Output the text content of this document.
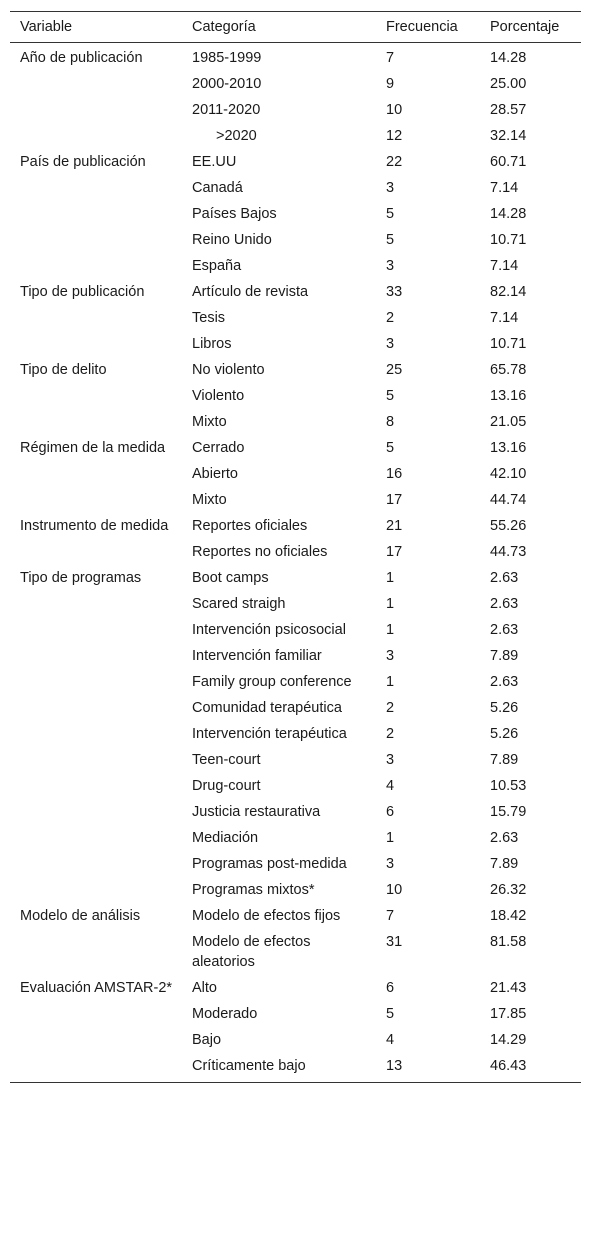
Variable	Categoría	Frecuencia	Porcentaje
Año de publicación	1985-1999	7	14.28
	2000-2010	9	25.00
	2011-2020	10	28.57
	>2020	12	32.14
País de publicación	EE.UU	22	60.71
	Canadá	3	7.14
	Países Bajos	5	14.28
	Reino Unido	5	10.71
	España	3	7.14
Tipo de publicación	Artículo de revista	33	82.14
	Tesis	2	7.14
	Libros	3	10.71
Tipo de delito	No violento	25	65.78
	Violento	5	13.16
	Mixto	8	21.05
Régimen de la medida	Cerrado	5	13.16
	Abierto	16	42.10
	Mixto	17	44.74
Instrumento de medida	Reportes oficiales	21	55.26
	Reportes no oficiales	17	44.73
Tipo de programas	Boot camps	1	2.63
	Scared straigh	1	2.63
	Intervención psicosocial	1	2.63
	Intervención familiar	3	7.89
	Family group conference	1	2.63
	Comunidad terapéutica	2	5.26
	Intervención terapéutica	2	5.26
	Teen-court	3	7.89
	Drug-court	4	10.53
	Justicia restaurativa	6	15.79
	Mediación	1	2.63
	Programas post-medida	3	7.89
	Programas mixtos*	10	26.32
Modelo de análisis	Modelo de efectos fijos	7	18.42
	Modelo de efectos aleatorios	31	81.58
Evaluación AMSTAR-2*	Alto	6	21.43
	Moderado	5	17.85
	Bajo	4	14.29
	Críticamente bajo	13	46.43
